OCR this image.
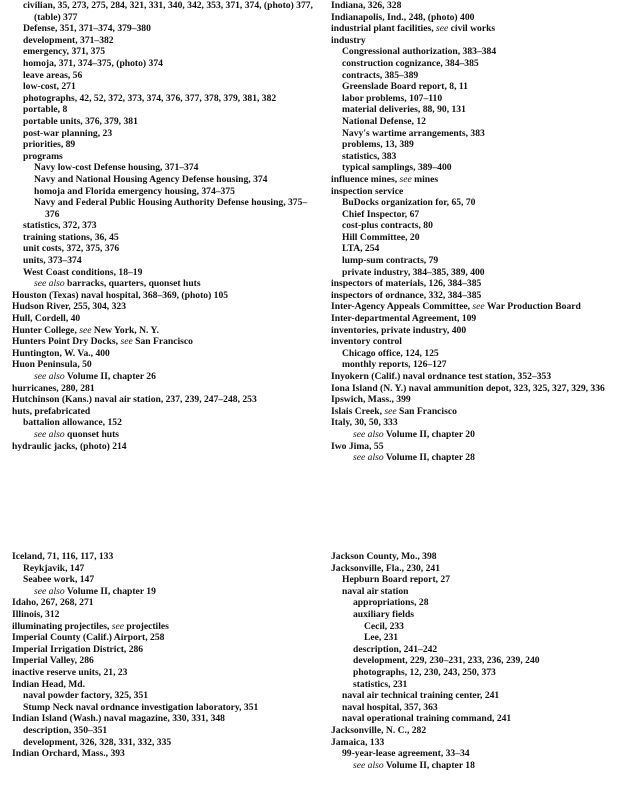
civilian, 35, 273, 275, 284, 321, 331, 340, 342, 353, 371, 374, (photo) 377, (table) 377
Defense, 351, 371–374, 379–380
development, 371–382
emergency, 371, 375
homoja, 371, 374–375, (photo) 374
leave areas, 56
low-cost, 271
photographs, 42, 52, 372, 373, 374, 376, 377, 378, 379, 381, 382
portable, 8
portable units, 376, 379, 381
post-war planning, 23
priorities, 89
programs
Navy low-cost Defense housing, 371–374
Navy and National Housing Agency Defense housing, 374
homoja and Florida emergency housing, 374–375
Navy and Federal Public Housing Authority Defense housing, 375–376
statistics, 372, 373
training stations, 36, 45
unit costs, 372, 375, 376
units, 373–374
West Coast conditions, 18–19
see also barracks, quarters, quonset huts
Houston (Texas) naval hospital, 368–369, (photo) 105
Hudson River, 255, 304, 323
Hull, Cordell, 40
Hunter College, see New York, N. Y.
Hunters Point Dry Docks, see San Francisco
Huntington, W. Va., 400
Huon Peninsula, 50
see also Volume II, chapter 26
hurricanes, 280, 281
Hutchinson (Kans.) naval air station, 237, 239, 247–248, 253
huts, prefabricated
battalion allowance, 152
see also quonset huts
hydraulic jacks, (photo) 214
Indiana, 326, 328
Indianapolis, Ind., 248, (photo) 400
industrial plant facilities, see civil works
industry
Congressional authorization, 383–384
construction cognizance, 384–385
contracts, 385–389
Greenslade Board report, 8, 11
labor problems, 107–110
material deliveries, 88, 90, 131
National Defense, 12
Navy's wartime arrangements, 383
problems, 13, 389
statistics, 383
typical samplings, 389–400
influence mines, see mines
inspection service
BuDocks organization for, 65, 70
Chief Inspector, 67
cost-plus contracts, 80
Hill Committee, 20
LTA, 254
lump-sum contracts, 79
private industry, 384–385, 389, 400
inspectors of materials, 126, 384–385
inspectors of ordnance, 332, 384–385
Inter-Agency Appeals Committee, see War Production Board
Inter-departmental Agreement, 109
inventories, private industry, 400
inventory control
Chicago office, 124, 125
monthly reports, 126–127
Inyokern (Calif.) naval ordnance test station, 352–353
Iona Island (N. Y.) naval ammunition depot, 323, 325, 327, 329, 336
Ipswich, Mass., 399
Islais Creek, see San Francisco
Italy, 30, 50, 333
see also Volume II, chapter 20
Iwo Jima, 55
see also Volume II, chapter 28
Iceland, 71, 116, 117, 133
Reykjavik, 147
Seabee work, 147
see also Volume II, chapter 19
Idaho, 267, 268, 271
Illinois, 312
illuminating projectiles, see projectiles
Imperial County (Calif.) Airport, 258
Imperial Irrigation District, 286
Imperial Valley, 286
inactive reserve units, 21, 23
Indian Head, Md.
naval powder factory, 325, 351
Stump Neck naval ordnance investigation laboratory, 351
Indian Island (Wash.) naval magazine, 330, 331, 348
description, 350–351
development, 326, 328, 331, 332, 335
Indian Orchard, Mass., 393
Jackson County, Mo., 398
Jacksonville, Fla., 230, 241
Hepburn Board report, 27
naval air station
appropriations, 28
auxiliary fields
Cecil, 233
Lee, 231
description, 241–242
development, 229, 230–231, 233, 236, 239, 240
photographs, 12, 230, 243, 250, 373
statistics, 231
naval air technical training center, 241
naval hospital, 357, 363
naval operational training command, 241
Jacksonville, N. C., 282
Jamaica, 133
99-year-lease agreement, 33–34
see also Volume II, chapter 18
